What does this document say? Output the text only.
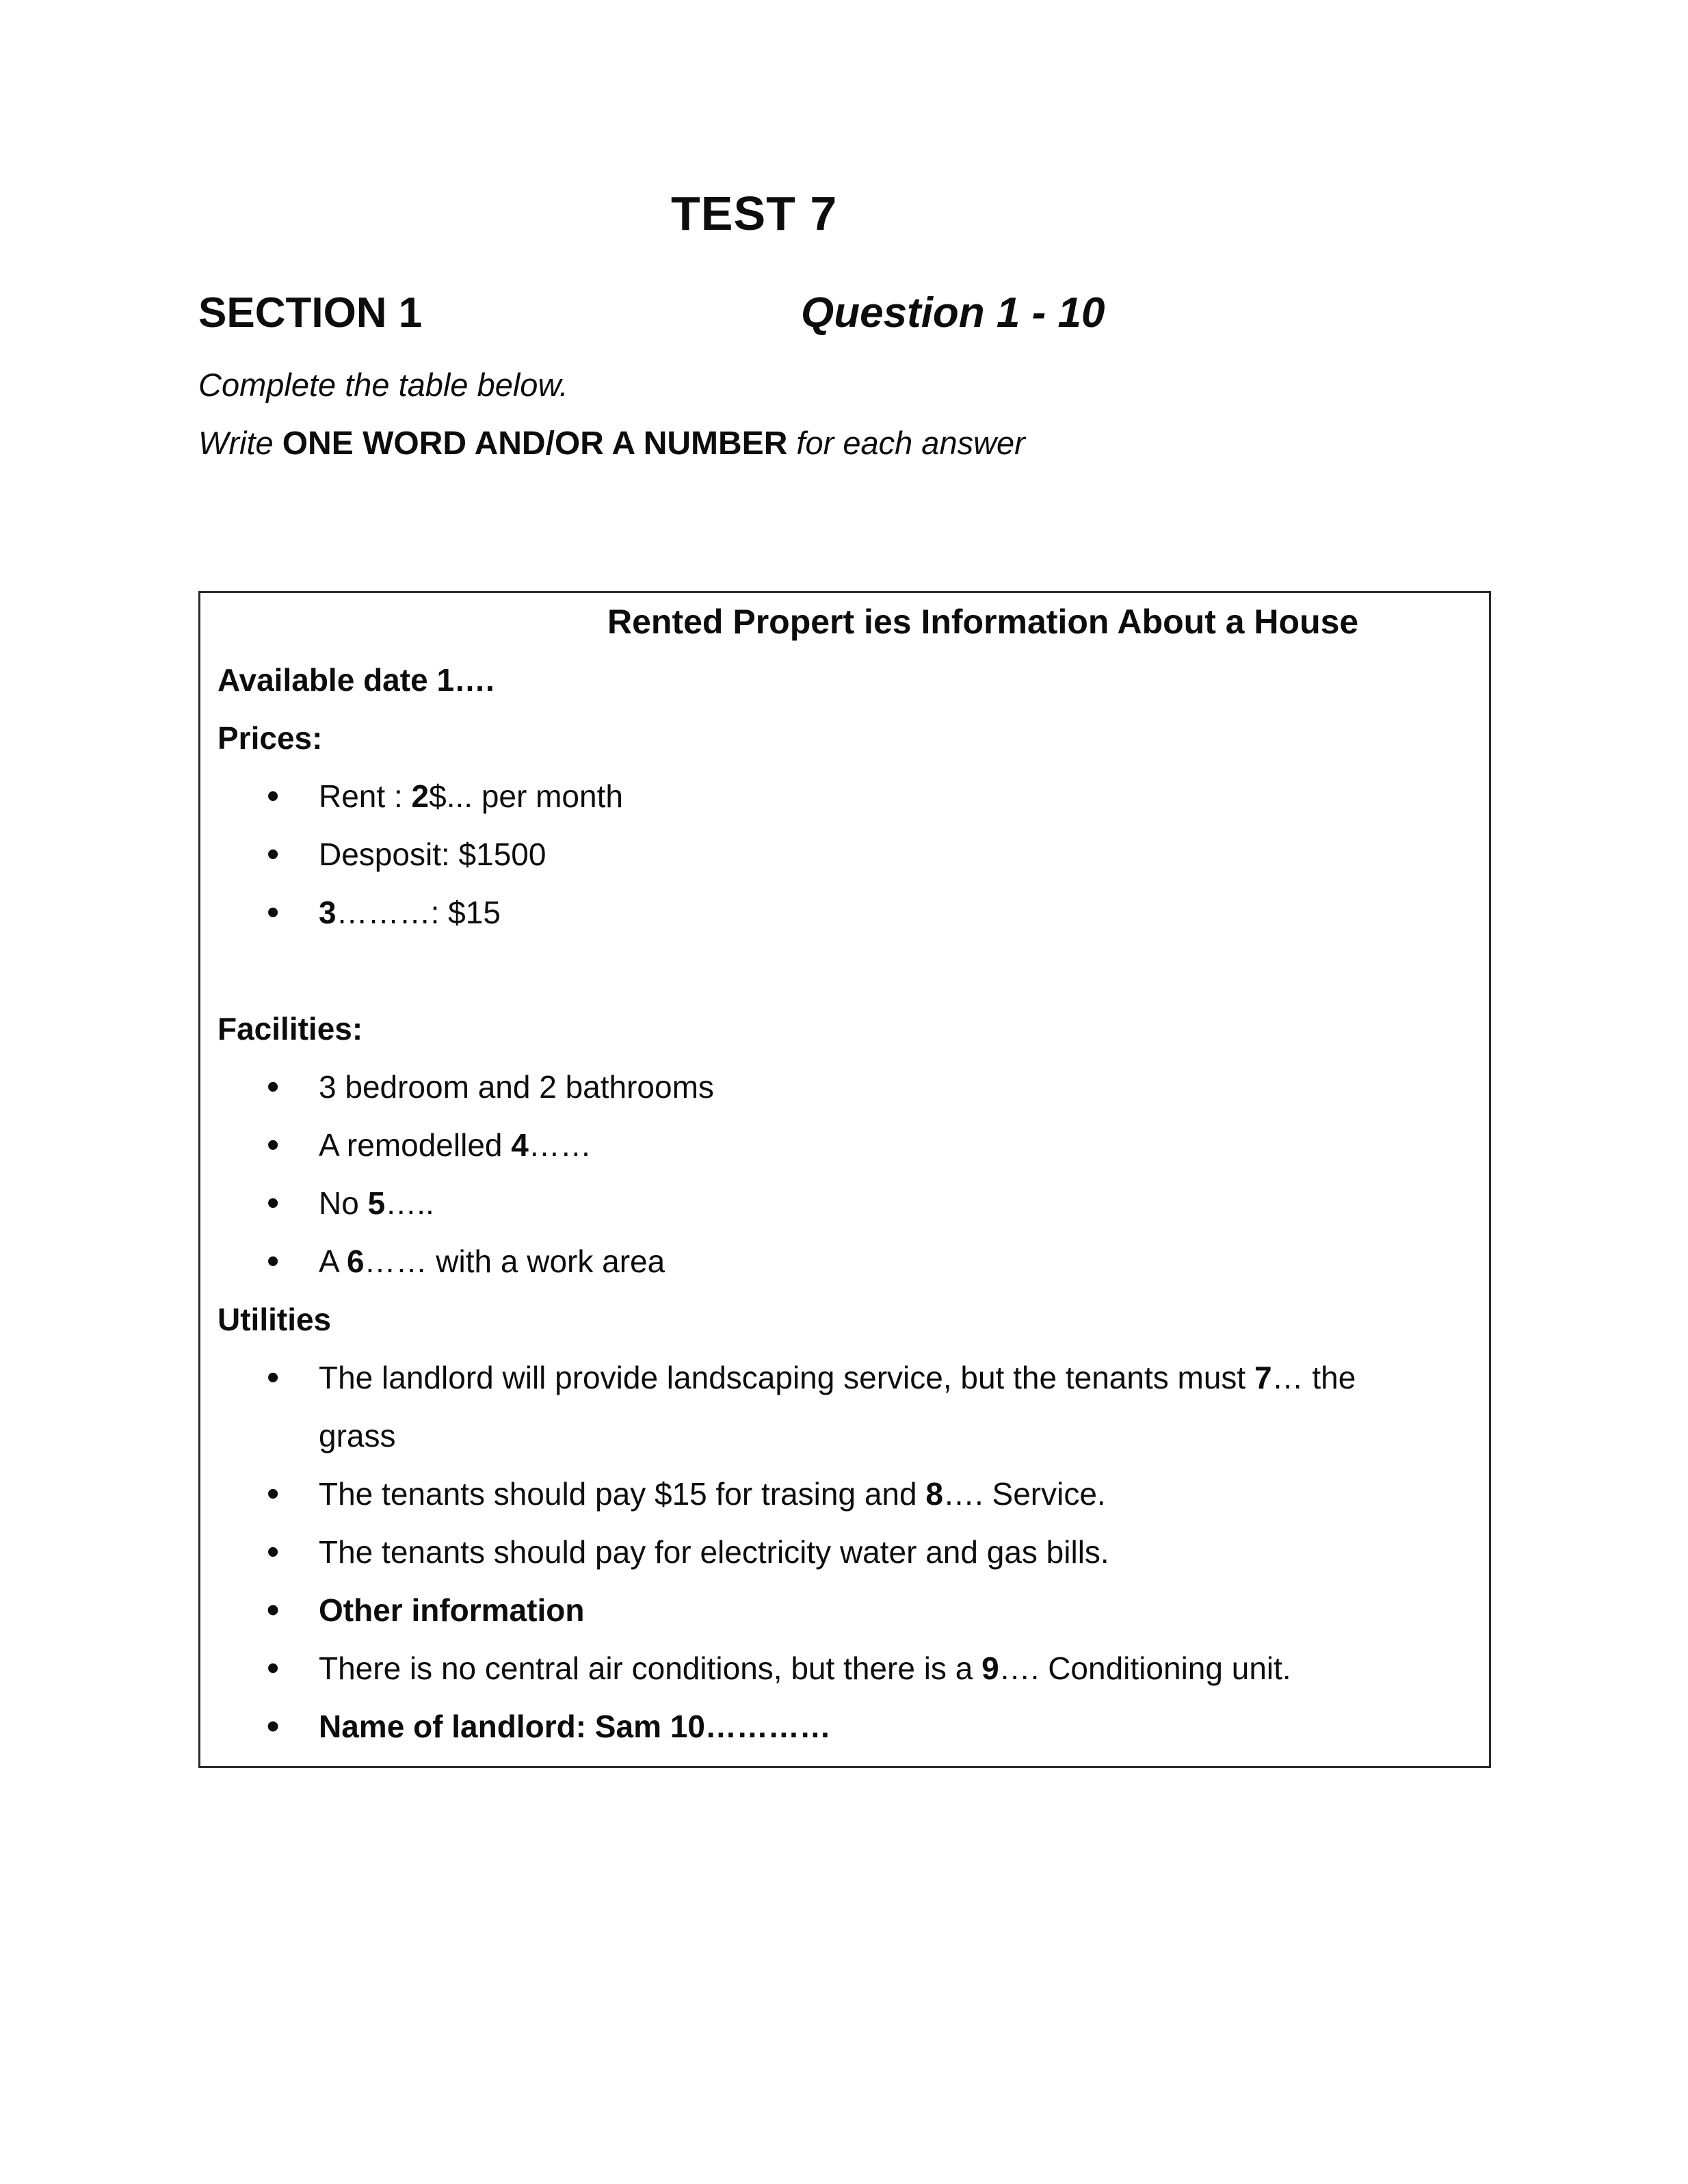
TEST 7
SECTION 1	Question 1 - 10
Complete the table below.
Write ONE WORD AND/OR A NUMBER for each answer
Rented Propert ies Information About a House
Available date 1….
Prices:
• Rent : 2$... per month
• Desposit: $1500
• 3………: $15
Facilities:
• 3 bedroom and 2 bathrooms
• A remodelled 4……
• No 5…..
• A 6…… with a work area
Utilities
• The landlord will provide landscaping service, but the tenants must 7… the
grass
• The tenants should pay $15 for trasing and 8…. Service.
• The tenants should pay for electricity water and gas bills.
• Other information
• There is no central air conditions, but there is a 9…. Conditioning unit.
• Name of landlord: Sam 10…………
